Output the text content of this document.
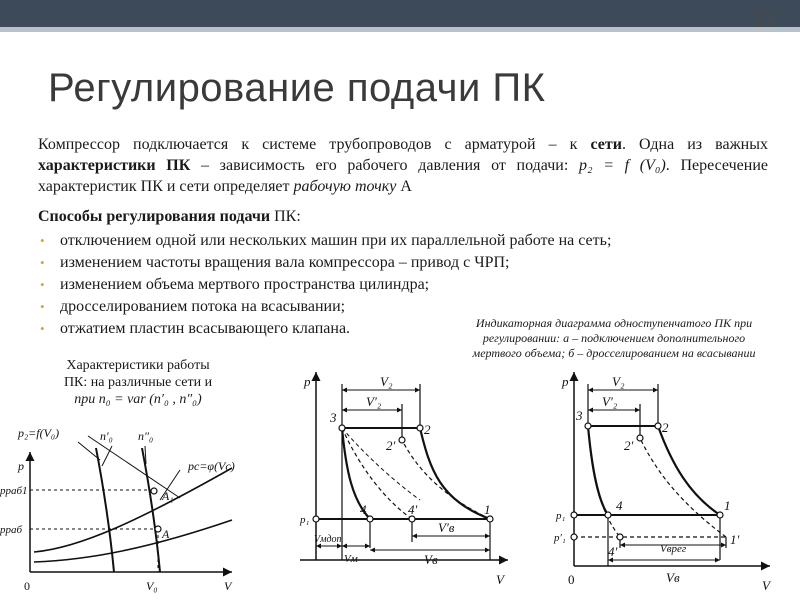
23
Регулирование подачи ПК
Компрессор подключается к системе трубопроводов с арматурой – к сети. Одна из важных характеристики ПК – зависимость его рабочего давления от подачи: p₂ = f (V₀). Пересечение характеристик ПК и сети определяет рабочую точку А
Способы регулирования подачи ПК:
• отключением одной или нескольких машин при их параллельной работе на сеть;
• изменением частоты вращения вала компрессора – привод с ЧРП;
• изменением объема мертвого пространства цилиндра;
• дросселированием потока на всасывании;
• отжатием пластин всасывающего клапана.
Характеристики работы
ПК: на различные сети и
при n₀ = var (n′₀ , n″₀)
Индикаторная диаграмма одноступенчатого ПК при
регулировании: а – подключением дополнительного
мертвого объема; б – дросселированием на всасывании
p₂=f(V₀)	n′₀ n″₀
pс=φ(Vс)
p
V
pраб1
pраб
A₁
A
0	V₀
p
V
V₂
V′₂
3
2
2′
p₁
4	4′	1
V′в
Vмдоп
Vм	Vв
p
V
V₂
V′₂
3
2
2′
p₁
p′₁
4
4′
1
1′
Vврег
Vв
0
